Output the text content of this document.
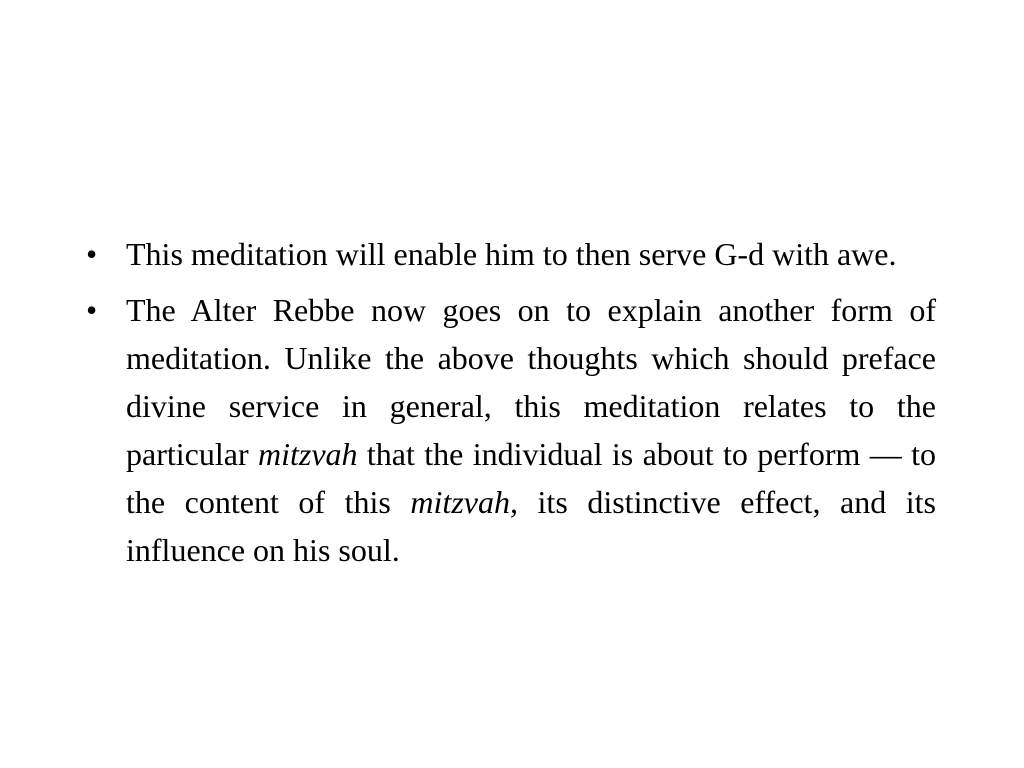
• This meditation will enable him to then serve G-d with awe.
• The Alter Rebbe now goes on to explain another form of meditation. Unlike the above thoughts which should preface divine service in general, this meditation relates to the particular mitzvah that the individual is about to perform — to the content of this mitzvah, its distinctive effect, and its influence on his soul.
